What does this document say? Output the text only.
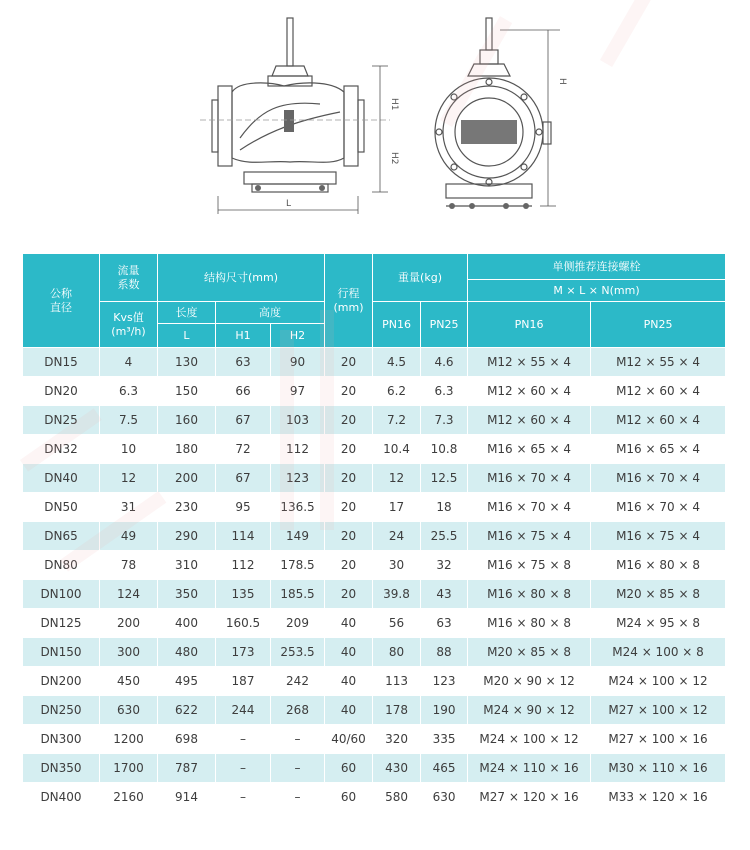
H1
H2
L
H
公称
直径	流量
系数	结构尺寸(mm)			行程
(mm)	重量(kg)		单侧推荐连接螺栓	
								M × L × N(mm)	
	Kvs值
(m³/h)	长度	高度			PN16	PN25	PN16	PN25
		L	H1	H2					
DN15	4	130	63	90	20	4.5	4.6	M12 × 55 × 4	M12 × 55 × 4
DN20	6.3	150	66	97	20	6.2	6.3	M12 × 60 × 4	M12 × 60 × 4
DN25	7.5	160	67	103	20	7.2	7.3	M12 × 60 × 4	M12 × 60 × 4
DN32	10	180	72	112	20	10.4	10.8	M16 × 65 × 4	M16 × 65 × 4
DN40	12	200	67	123	20	12	12.5	M16 × 70 × 4	M16 × 70 × 4
DN50	31	230	95	136.5	20	17	18	M16 × 70 × 4	M16 × 70 × 4
DN65	49	290	114	149	20	24	25.5	M16 × 75 × 4	M16 × 75 × 4
DN80	78	310	112	178.5	20	30	32	M16 × 75 × 8	M16 × 80 × 8
DN100	124	350	135	185.5	20	39.8	43	M16 × 80 × 8	M20 × 85 × 8
DN125	200	400	160.5	209	40	56	63	M16 × 80 × 8	M24 × 95 × 8
DN150	300	480	173	253.5	40	80	88	M20 × 85 × 8	M24 × 100 × 8
DN200	450	495	187	242	40	113	123	M20 × 90 × 12	M24 × 100 × 12
DN250	630	622	244	268	40	178	190	M24 × 90 × 12	M27 × 100 × 12
DN300	1200	698	–	–	40/60	320	335	M24 × 100 × 12	M27 × 100 × 16
DN350	1700	787	–	–	60	430	465	M24 × 110 × 16	M30 × 110 × 16
DN400	2160	914	–	–	60	580	630	M27 × 120 × 16	M33 × 120 × 16
